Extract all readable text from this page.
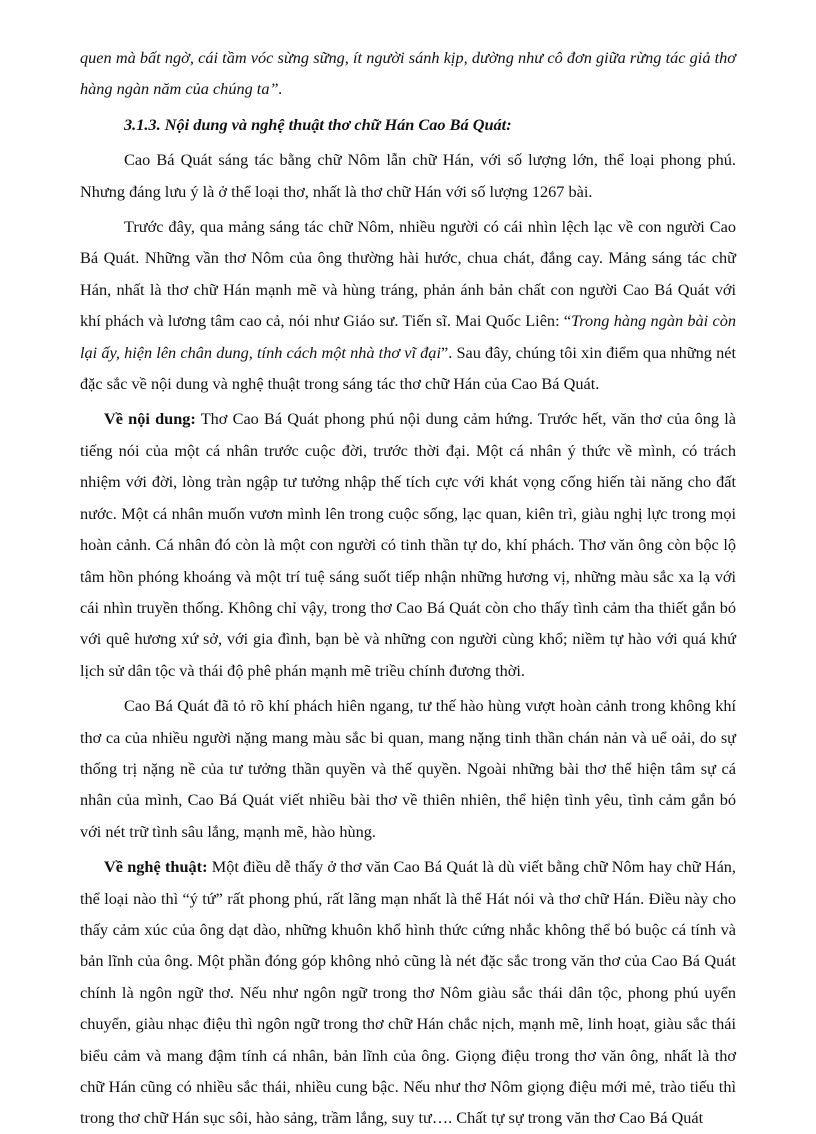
quen mà bất ngờ, cái tầm vóc sừng sững, ít người sánh kịp, dường như cô đơn giữa rừng tác giả thơ hàng ngàn năm của chúng ta”.

3.1.3. Nội dung và nghệ thuật thơ chữ Hán Cao Bá Quát:

Cao Bá Quát sáng tác bằng chữ Nôm lẫn chữ Hán, với số lượng lớn, thể loại phong phú. Nhưng đáng lưu ý là ở thể loại thơ, nhất là thơ chữ Hán với số lượng 1267 bài.

Trước đây, qua mảng sáng tác chữ Nôm, nhiều người có cái nhìn lệch lạc về con người Cao Bá Quát. Những vần thơ Nôm của ông thường hài hước, chua chát, đắng cay. Mảng sáng tác chữ Hán, nhất là thơ chữ Hán mạnh mẽ và hùng tráng, phản ánh bản chất con người Cao Bá Quát với khí phách và lương tâm cao cả, nói như Giáo sư. Tiến sĩ. Mai Quốc Liên: “Trong hàng ngàn bài còn lại ấy, hiện lên chân dung, tính cách một nhà thơ vĩ đại”. Sau đây, chúng tôi xin điểm qua những nét đặc sắc về nội dung và nghệ thuật trong sáng tác thơ chữ Hán của Cao Bá Quát.

Về nội dung: Thơ Cao Bá Quát phong phú nội dung cảm hứng. Trước hết, văn thơ của ông là tiếng nói của một cá nhân trước cuộc đời, trước thời đại. Một cá nhân ý thức về mình, có trách nhiệm với đời, lòng tràn ngập tư tưởng nhập thế tích cực với khát vọng cống hiến tài năng cho đất nước. Một cá nhân muốn vươn mình lên trong cuộc sống, lạc quan, kiên trì, giàu nghị lực trong mọi hoàn cảnh. Cá nhân đó còn là một con người có tinh thần tự do, khí phách. Thơ văn ông còn bộc lộ tâm hồn phóng khoáng và một trí tuệ sáng suốt tiếp nhận những hương vị, những màu sắc xa lạ với cái nhìn truyền thống. Không chỉ vậy, trong thơ Cao Bá Quát còn cho thấy tình cảm tha thiết gắn bó với quê hương xứ sở, với gia đình, bạn bè và những con người cùng khổ; niềm tự hào với quá khứ lịch sử dân tộc và thái độ phê phán mạnh mẽ triều chính đương thời.

Cao Bá Quát đã tỏ rõ khí phách hiên ngang, tư thế hào hùng vượt hoàn cảnh trong không khí thơ ca của nhiều người nặng mang màu sắc bi quan, mang nặng tinh thần chán nản và uể oải, do sự thống trị nặng nề của tư tưởng thần quyền và thế quyền. Ngoài những bài thơ thể hiện tâm sự cá nhân của mình, Cao Bá Quát viết nhiều bài thơ về thiên nhiên, thể hiện tình yêu, tình cảm gắn bó với nét trữ tình sâu lắng, mạnh mẽ, hào hùng.

Về nghệ thuật: Một điều dễ thấy ở thơ văn Cao Bá Quát là dù viết bằng chữ Nôm hay chữ Hán, thể loại nào thì “ý tứ” rất phong phú, rất lãng mạn nhất là thể Hát nói và thơ chữ Hán. Điều này cho thấy cảm xúc của ông dạt dào, những khuôn khổ hình thức cứng nhắc không thể bó buộc cá tính và bản lĩnh của ông. Một phần đóng góp không nhỏ cũng là nét đặc sắc trong văn thơ của Cao Bá Quát chính là ngôn ngữ thơ. Nếu như ngôn ngữ trong thơ Nôm giàu sắc thái dân tộc, phong phú uyển chuyển, giàu nhạc điệu thì ngôn ngữ trong thơ chữ Hán chắc nịch, mạnh mẽ, linh hoạt, giàu sắc thái biểu cảm và mang đậm tính cá nhân, bản lĩnh của ông. Giọng điệu trong thơ văn ông, nhất là thơ chữ Hán cũng có nhiều sắc thái, nhiều cung bậc. Nếu như thơ Nôm giọng điệu mới mẻ, trào tiếu thì trong thơ chữ Hán sục sôi, hào sảng, trầm lắng, suy tư…. Chất tự sự trong văn thơ Cao Bá Quát
